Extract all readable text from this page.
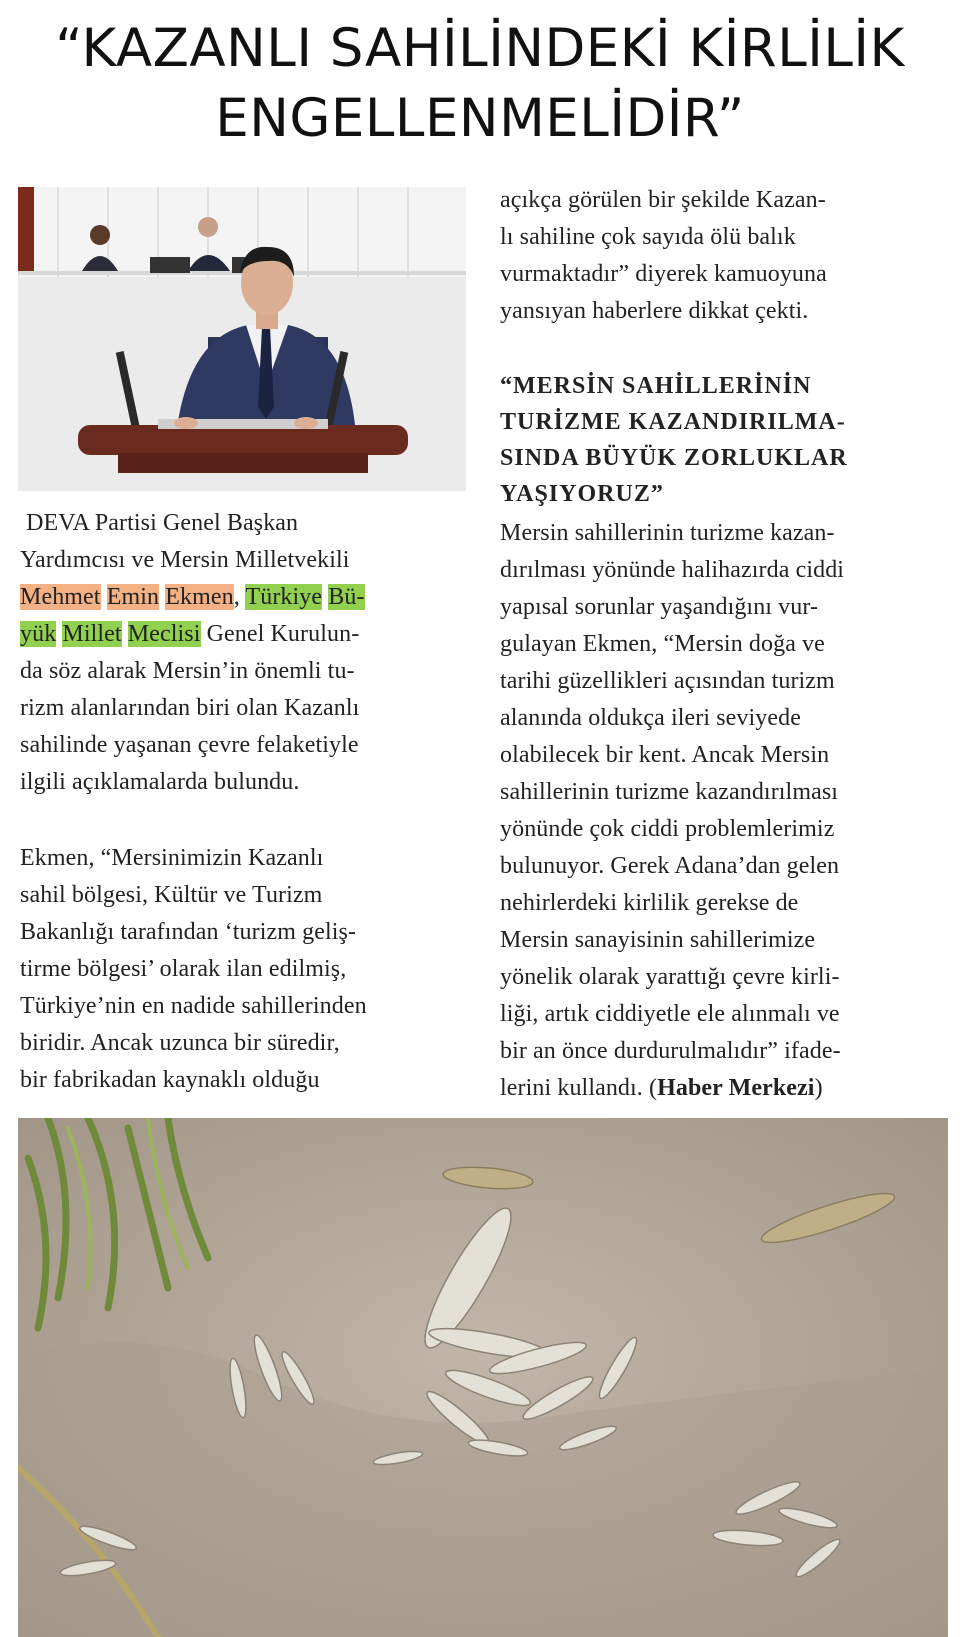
“KAZANLI SAHİLİNDEKİ KİRLİLİK
ENGELLENMELİDİR”
DEVA Partisi Genel Başkan
Yardımcısı ve Mersin Milletvekili
Mehmet Emin Ekmen, Türkiye Bü-
yük Millet Meclisi Genel Kurulun-
da söz alarak Mersin’in önemli tu-
rizm alanlarından biri olan Kazanlı
sahilinde yaşanan çevre felaketiyle
ilgili açıklamalarda bulundu.
Ekmen, “Mersinimizin Kazanlı
sahil bölgesi, Kültür ve Turizm
Bakanlığı tarafından ‘turizm geliş-
tirme bölgesi’ olarak ilan edilmiş,
Türkiye’nin en nadide sahillerinden
biridir. Ancak uzunca bir süredir,
bir fabrikadan kaynaklı olduğu
açıkça görülen bir şekilde Kazan-
lı sahiline çok sayıda ölü balık
vurmaktadır” diyerek kamuoyuna
yansıyan haberlere dikkat çekti.
“MERSİN SAHİLLERİNİN
TURİZME KAZANDIRILMA-
SINDA BÜYÜK ZORLUKLAR
YAŞIYORUZ”
Mersin sahillerinin turizme kazan-
dırılması yönünde halihazırda ciddi
yapısal sorunlar yaşandığını vur-
gulayan Ekmen, “Mersin doğa ve
tarihi güzellikleri açısından turizm
alanında oldukça ileri seviyede
olabilecek bir kent. Ancak Mersin
sahillerinin turizme kazandırılması
yönünde çok ciddi problemlerimiz
bulunuyor. Gerek Adana’dan gelen
nehirlerdeki kirlilik gerekse de
Mersin sanayisinin sahillerimize
yönelik olarak yarattığı çevre kirli-
liği, artık ciddiyetle ele alınmalı ve
bir an önce durdurulmalıdır” ifade-
lerini kullandı. (Haber Merkezi)
